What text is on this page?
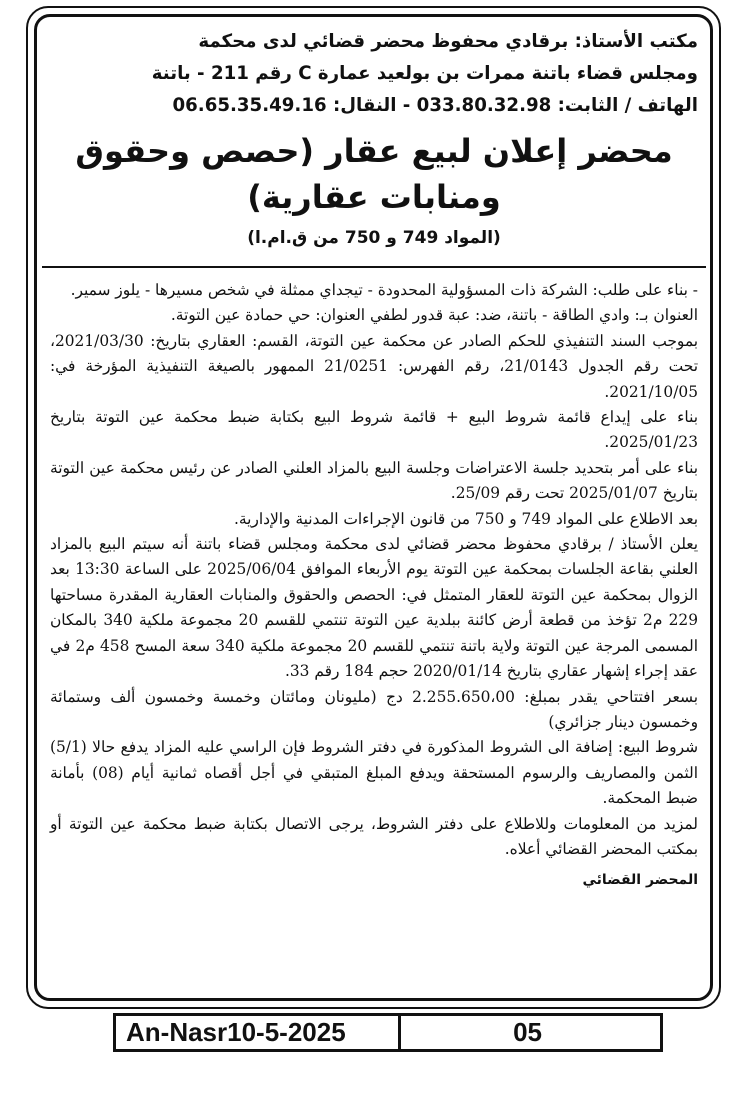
مكتب الأستاذ: برقادي محفوظ محضر قضائي لدى محكمة
ومجلس قضاء باتنة ممرات بن بولعيد عمارة C رقم 211 - باتنة
الهاتف / الثابت: 033.80.32.98 - النقال: 06.65.35.49.16
محضر إعلان لبيع عقار (حصص وحقوق
ومنابات عقارية)
(المواد 749 و 750 من ق.ام.ا)

- بناء على طلب: الشركة ذات المسؤولية المحدودة - تيجداي ممثلة في شخص مسيرها - يلوز سمير.

العنوان بـ: وادي الطاقة - باتنة، ضد: عبة قدور لطفي العنوان: حي حمادة عين التوتة.

بموجب السند التنفيذي للحكم الصادر عن محكمة عين التوتة، القسم: العقاري بتاريخ: 2021/03/30، تحت رقم الجدول 21/0143، رقم الفهرس: 21/0251 الممهور بالصيغة التنفيذية المؤرخة في: 2021/10/05.

بناء على إيداع قائمة شروط البيع + قائمة شروط البيع بكتابة ضبط محكمة عين التوتة بتاريخ 2025/01/23.

بناء على أمر بتحديد جلسة الاعتراضات وجلسة البيع بالمزاد العلني الصادر عن رئيس محكمة عين التوتة بتاريخ 2025/01/07 تحت رقم 25/09.

بعد الاطلاع على المواد 749 و 750 من قانون الإجراءات المدنية والإدارية.

يعلن الأستاذ / برقادي محفوظ محضر قضائي لدى محكمة ومجلس قضاء باتنة أنه سيتم البيع بالمزاد العلني بقاعة الجلسات بمحكمة عين التوتة يوم الأربعاء الموافق 2025/06/04 على الساعة 13:30 بعد الزوال بمحكمة عين التوتة للعقار المتمثل في: الحصص والحقوق والمنابات العقارية المقدرة مساحتها 229 م2 تؤخذ من قطعة أرض كائنة ببلدية عين التوتة تنتمي للقسم 20 مجموعة ملكية 340 بالمكان المسمى المرجة عين التوتة ولاية باتنة تنتمي للقسم 20 مجموعة ملكية 340 سعة المسح 458 م2 في عقد إجراء إشهار عقاري بتاريخ 2020/01/14 حجم 184 رقم 33.

بسعر افتتاحي يقدر بمبلغ: 2.255.650،00 دج (مليونان ومائتان وخمسة وخمسون ألف وستمائة وخمسون دينار جزائري)

شروط البيع: إضافة الى الشروط المذكورة في دفتر الشروط فإن الراسي عليه المزاد يدفع حالا (5/1) الثمن والمصاريف والرسوم المستحقة ويدفع المبلغ المتبقي في أجل أقصاه ثمانية أيام (08) بأمانة ضبط المحكمة.

لمزيد من المعلومات وللاطلاع على دفتر الشروط، يرجى الاتصال بكتابة ضبط محكمة عين التوتة أو بمكتب المحضر القضائي أعلاه.

المحضر القضائي
An-Nasr10-5-2025	05
